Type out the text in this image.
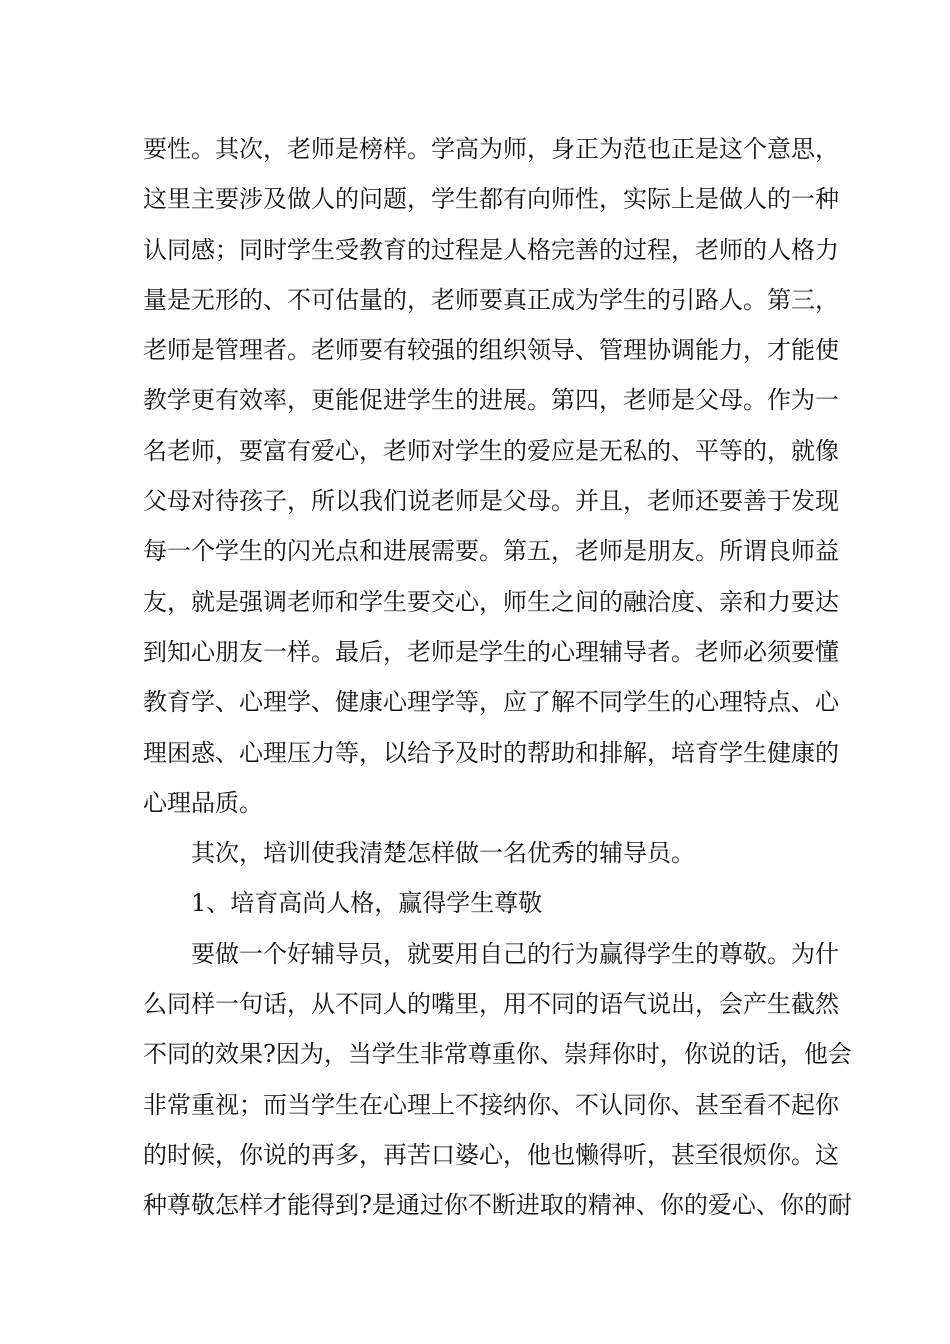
要性。其次，老师是榜样。学高为师，身正为范也正是这个意思，
这里主要涉及做人的问题，学生都有向师性，实际上是做人的一种
认同感；同时学生受教育的过程是人格完善的过程，老师的人格力
量是无形的、不可估量的，老师要真正成为学生的引路人。第三，
老师是管理者。老师要有较强的组织领导、管理协调能力，才能使
教学更有效率，更能促进学生的进展。第四，老师是父母。作为一
名老师，要富有爱心，老师对学生的爱应是无私的、平等的，就像
父母对待孩子，所以我们说老师是父母。并且，老师还要善于发现
每一个学生的闪光点和进展需要。第五，老师是朋友。所谓良师益
友，就是强调老师和学生要交心，师生之间的融洽度、亲和力要达
到知心朋友一样。最后，老师是学生的心理辅导者。老师必须要懂
教育学、心理学、健康心理学等，应了解不同学生的心理特点、心
理困惑、心理压力等，以给予及时的帮助和排解，培育学生健康的
心理品质。
其次，培训使我清楚怎样做一名优秀的辅导员。
1、培育高尚人格，赢得学生尊敬
要做一个好辅导员，就要用自己的行为赢得学生的尊敬。为什
么同样一句话，从不同人的嘴里，用不同的语气说出，会产生截然
不同的效果?因为，当学生非常尊重你、崇拜你时，你说的话，他会
非常重视；而当学生在心理上不接纳你、不认同你、甚至看不起你
的时候，你说的再多，再苦口婆心，他也懒得听，甚至很烦你。这
种尊敬怎样才能得到?是通过你不断进取的精神、你的爱心、你的耐
